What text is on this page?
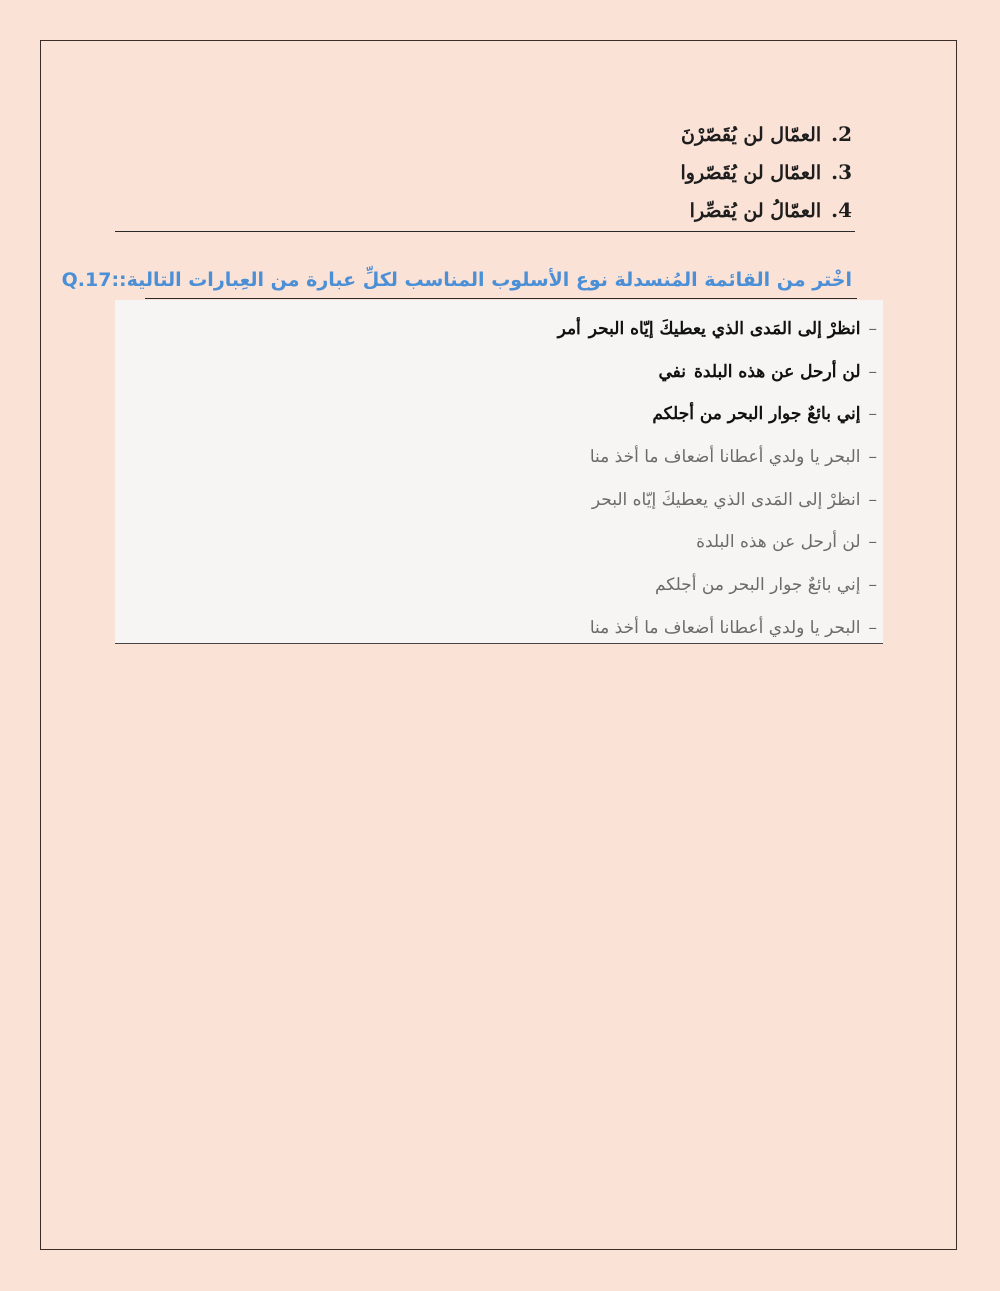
2.العمّال لن يُقَصّرْنَ
3.العمّال لن يُقَصّروا
4.العمّالُ لن يُقصِّرا
اخْتر من القائمة المُنسدلة نوع الأسلوب المناسب لكلِّ عبارة من العِبارات التالية::Q.17
–انظرْ إلى المَدى الذي يعطيكَ إيّاه البحرأمر
–لن أرحل عن هذه البلدةنفي
–إني بائعٌ جوار البحر من أجلكم
–البحر يا ولدي أعطانا أضعاف ما أخذ منا
–انظرْ إلى المَدى الذي يعطيكَ إيّاه البحر
–لن أرحل عن هذه البلدة
–إني بائعٌ جوار البحر من أجلكم
–البحر يا ولدي أعطانا أضعاف ما أخذ منا
